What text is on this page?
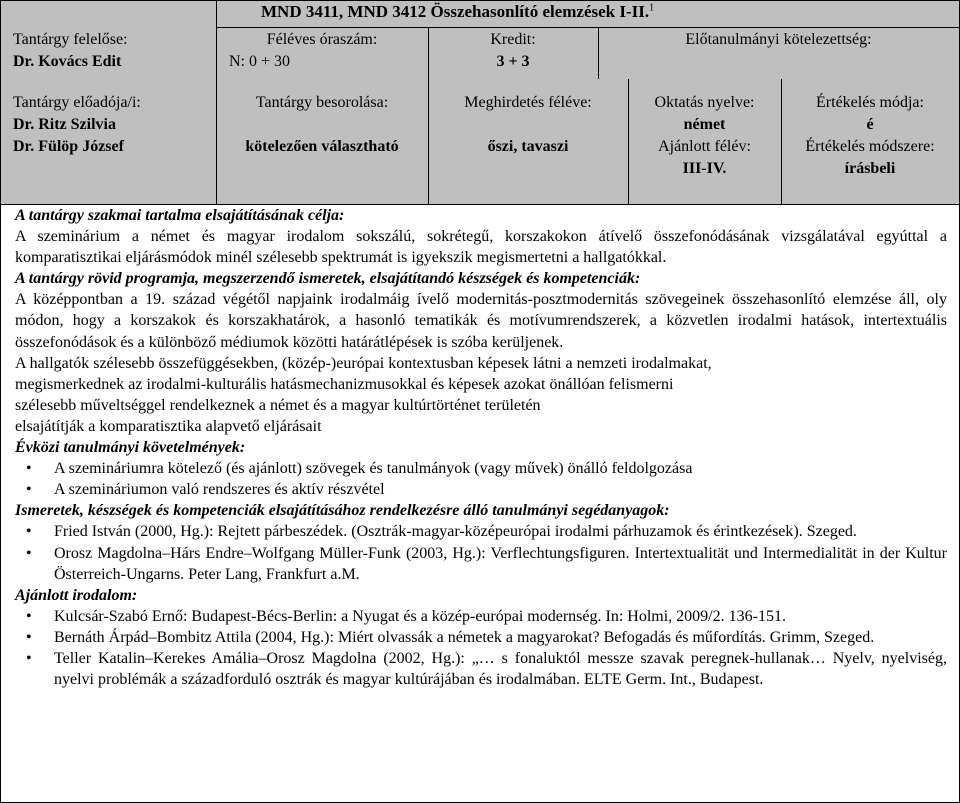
MND 3411, MND 3412 Összehasonlító elemzések I-II.$^1$
Tantárgy felelőse:
Dr. Kovács Edit
Féléves óraszám:
N: 0 + 30
Kredit:
3 + 3
Előtanulmányi kötelezettség:
Tantárgy előadója/i:
Dr. Ritz Szilvia
Dr. Fülöp József
Tantárgy besorolása:
kötelezően választható
Meghirdetés féléve:
őszi, tavaszi
Oktatás nyelve:
német
Ajánlott félév:
III-IV.
Értékelés módja:
é
Értékelés módszere:
írásbeli
A tantárgy szakmai tartalma elsajátításának célja:

A szeminárium a német és magyar irodalom sokszálú, sokrétegű, korszakokon átívelő összefonódásának vizsgálatával egyúttal a komparatisztikai eljárásmódok minél szélesebb spektrumát is igyekszik megismertetni a hallgatókkal.

A tantárgy rövid programja, megszerzendő ismeretek, elsajátítandó készségek és kompetenciák:

A középpontban a 19. század végétől napjaink irodalmáig ívelő modernitás-posztmodernitás szövegeinek összehasonlító elemzése áll, oly módon, hogy a korszakok és korszakhatárok, a hasonló tematikák és motívumrendszerek, a közvetlen irodalmi hatások, intertextuális összefonódások és a különböző médiumok közötti határátlépések is szóba kerüljenek.

A hallgatók szélesebb összefüggésekben, (közép-)európai kontextusban képesek látni a nemzeti irodalmakat,
megismerkednek az irodalmi-kulturális hatásmechanizmusokkal és képesek azokat önállóan felismerni
szélesebb műveltséggel rendelkeznek a német és a magyar kultúrtörténet területén
elsajátítják a komparatisztika alapvető eljárásait
Évközi tanulmányi követelmények:
• A szemináriumra kötelező (és ajánlott) szövegek és tanulmányok (vagy művek) önálló feldolgozása
• A szemináriumon való rendszeres és aktív részvétel
Ismeretek, készségek és kompetenciák elsajátításához rendelkezésre álló tanulmányi segédanyagok:
• Fried István (2000, Hg.): Rejtett párbeszédek. (Osztrák-magyar-középeurópai irodalmi párhuzamok és érintkezések). Szeged.
• Orosz Magdolna–Hárs Endre–Wolfgang Müller-Funk (2003, Hg.): Verflechtungsfiguren. Intertextualität und Intermedialität in der Kultur Österreich-Ungarns. Peter Lang, Frankfurt a.M.
Ajánlott irodalom:
• Kulcsár-Szabó Ernő: Budapest-Bécs-Berlin: a Nyugat és a közép-európai modernség. In: Holmi, 2009/2. 136-151.
• Bernáth Árpád–Bombitz Attila (2004, Hg.): Miért olvassák a németek a magyarokat? Befogadás és műfordítás. Grimm, Szeged.
• Teller Katalin–Kerekes Amália–Orosz Magdolna (2002, Hg.): „… s fonaluktól messze szavak peregnek-hullanak… Nyelv, nyelviség, nyelvi problémák a századforduló osztrák és magyar kultúrájában és irodalmában. ELTE Germ. Int., Budapest.
